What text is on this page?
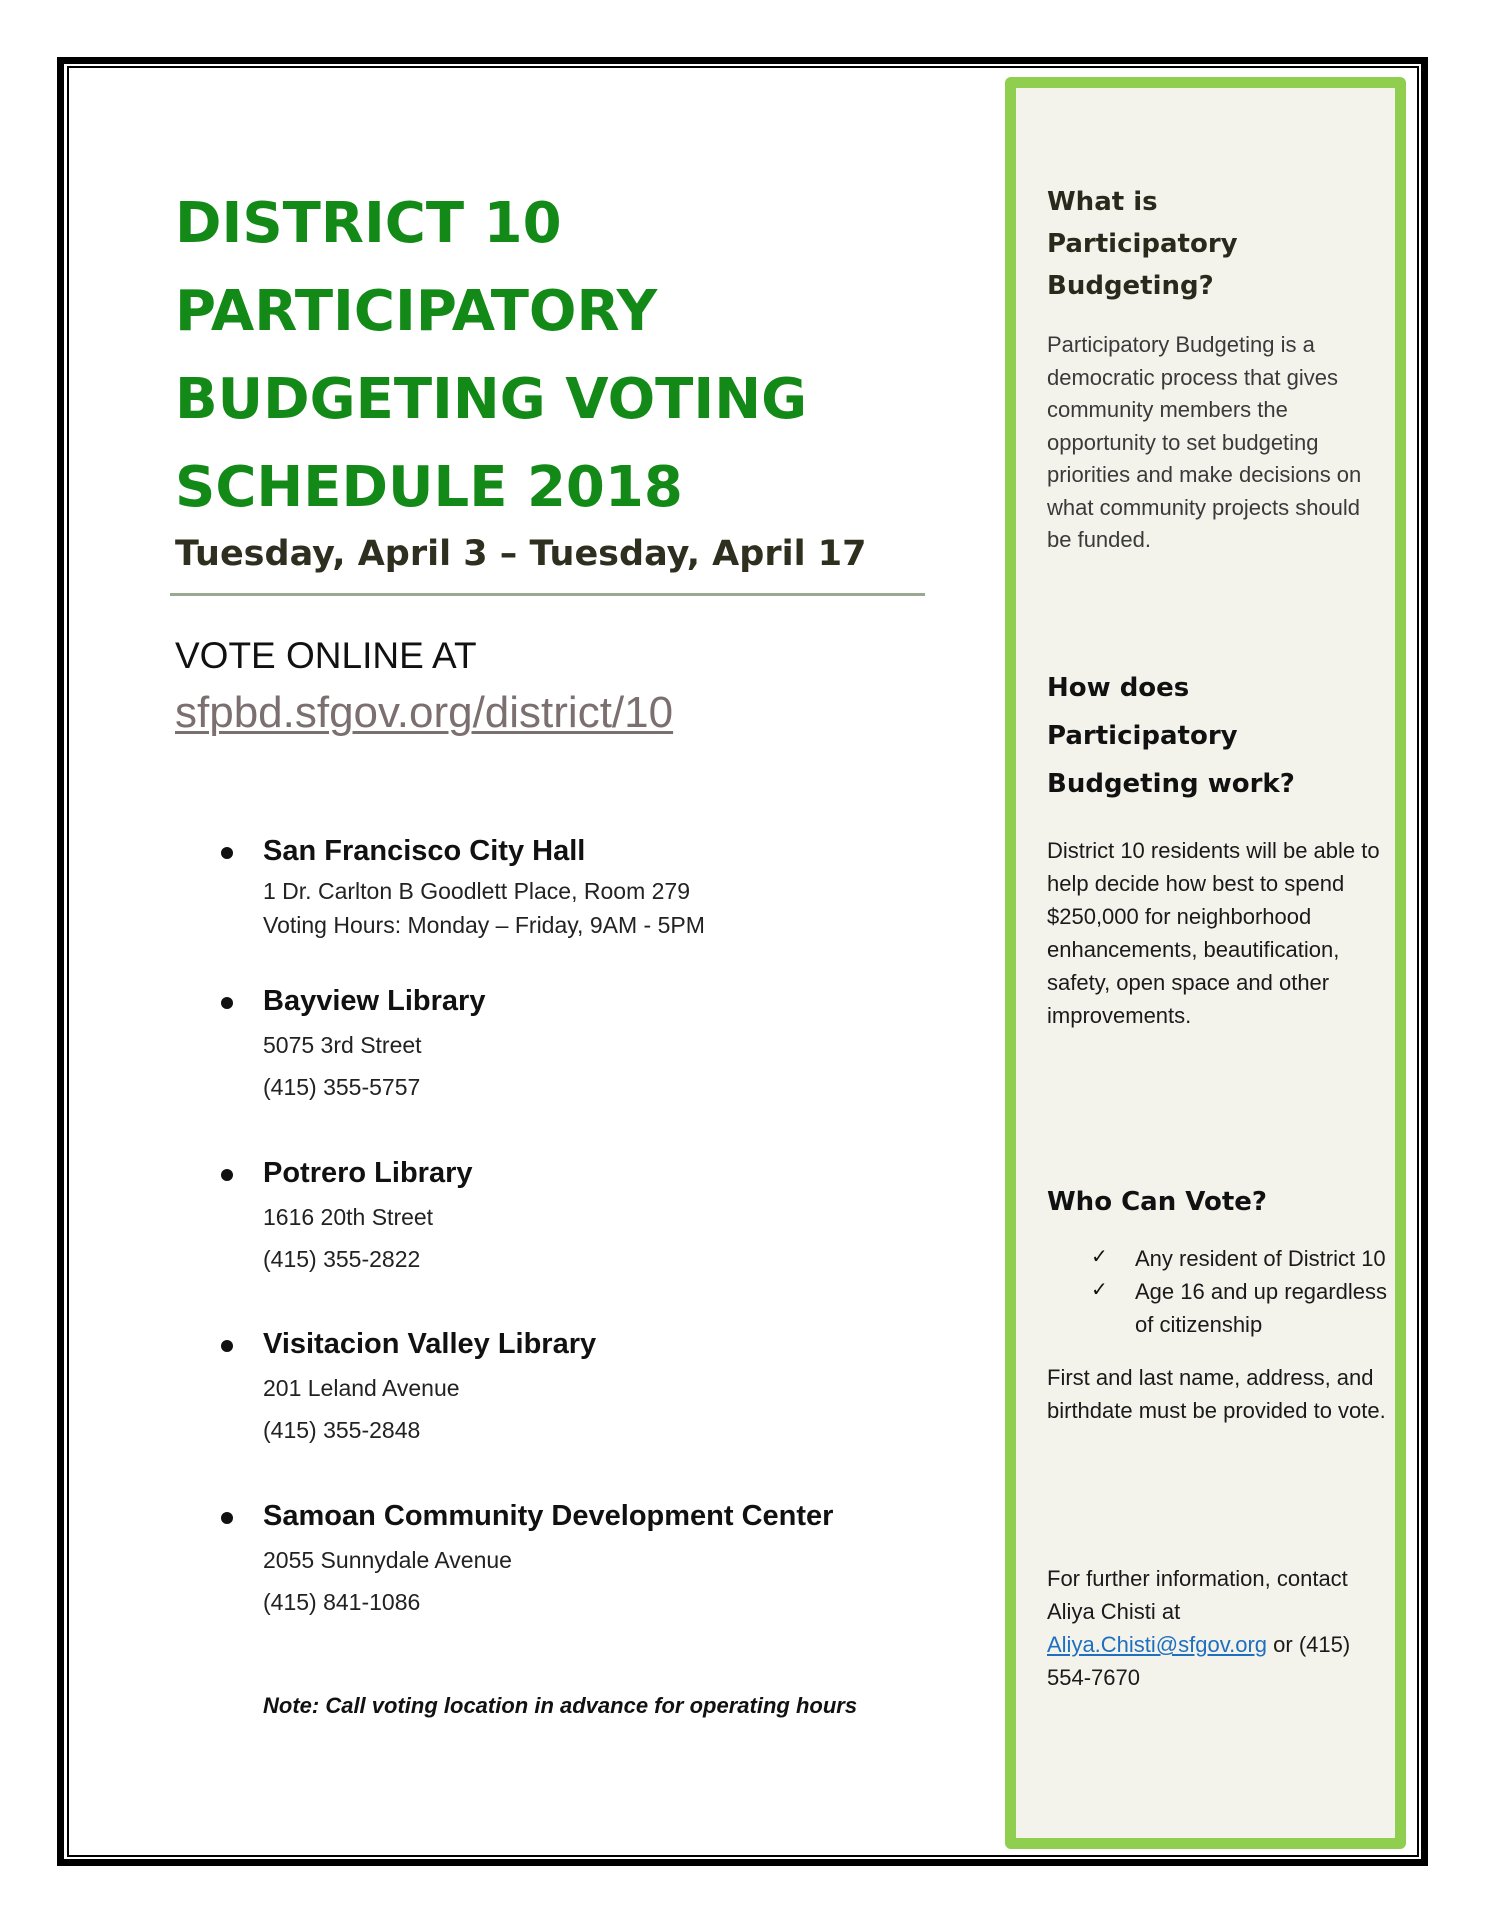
DISTRICT 10
PARTICIPATORY
BUDGETING VOTING
SCHEDULE 2018
Tuesday, April 3 – Tuesday, April 17
VOTE ONLINE AT
sfpbd.sfgov.org/district/10
San Francisco City Hall
1 Dr. Carlton B Goodlett Place, Room 279
Voting Hours: Monday – Friday, 9AM - 5PM
Bayview Library
5075 3rd Street
(415) 355-5757
Potrero Library
1616 20th Street
(415) 355-2822
Visitacion Valley Library
201 Leland Avenue
(415) 355-2848
Samoan Community Development Center
2055 Sunnydale Avenue
(415) 841-1086
Note: Call voting location in advance for operating hours
What is
Participatory
Budgeting?

Participatory Budgeting is a democratic process that gives community members the opportunity to set budgeting priorities and make decisions on what community projects should be funded.

How does
Participatory
Budgeting work?

District 10 residents will be able to help decide how best to spend $250,000 for neighborhood enhancements, beautification, safety, open space and other improvements.

Who Can Vote?
✓ Any resident of District 10
✓ Age 16 and up regardless of citizenship

First and last name, address, and birthdate must be provided to vote.

For further information, contact Aliya Chisti at Aliya.Chisti@sfgov.org or (415) 554-7670
